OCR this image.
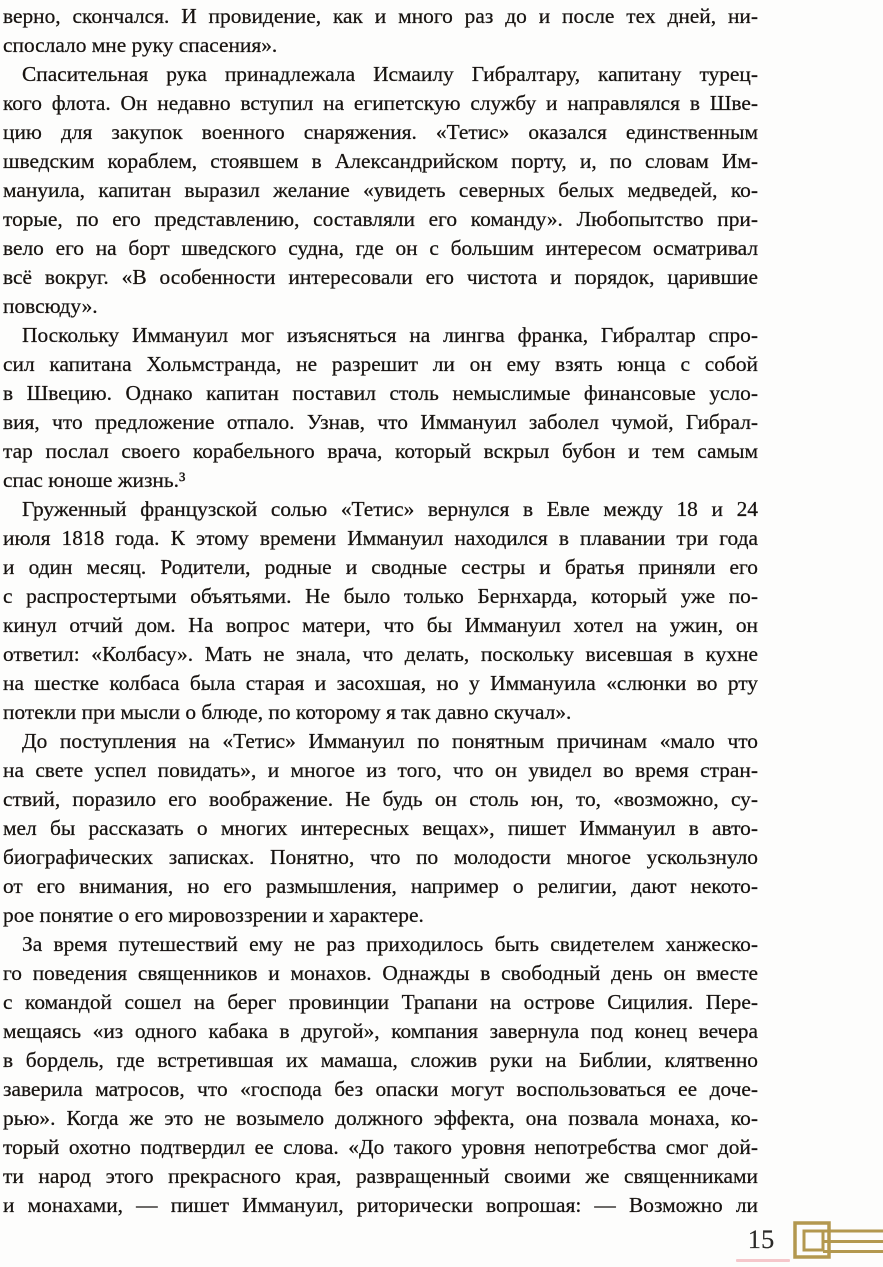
верно, скончался. И провидение, как и много раз до и после тех дней, ни-
спослало мне руку спасения».
Спасительная рука принадлежала Исмаилу Гибралтару, капитану турец-
кого флота. Он недавно вступил на египетскую службу и направлялся в Шве-
цию для закупок военного снаряжения. «Тетис» оказался единственным
шведским кораблем, стоявшем в Александрийском порту, и, по словам Им-
мануила, капитан выразил желание «увидеть северных белых медведей, ко-
торые, по его представлению, составляли его команду». Любопытство при-
вело его на борт шведского судна, где он с большим интересом осматривал
всё вокруг. «В особенности интересовали его чистота и порядок, царившие
повсюду».
Поскольку Иммануил мог изъясняться на лингва франка, Гибралтар спро-
сил капитана Хольмстранда, не разрешит ли он ему взять юнца с собой
в Швецию. Однако капитан поставил столь немыслимые финансовые усло-
вия, что предложение отпало. Узнав, что Иммануил заболел чумой, Гибрал-
тар послал своего корабельного врача, который вскрыл бубон и тем самым
спас юноше жизнь.³
Груженный французской солью «Тетис» вернулся в Евле между 18 и 24
июля 1818 года. К этому времени Иммануил находился в плавании три года
и один месяц. Родители, родные и сводные сестры и братья приняли его
с распростертыми объятьями. Не было только Бернхарда, который уже по-
кинул отчий дом. На вопрос матери, что бы Иммануил хотел на ужин, он
ответил: «Колбасу». Мать не знала, что делать, поскольку висевшая в кухне
на шестке колбаса была старая и засохшая, но у Иммануила «слюнки во рту
потекли при мысли о блюде, по которому я так давно скучал».
До поступления на «Тетис» Иммануил по понятным причинам «мало что
на свете успел повидать», и многое из того, что он увидел во время стран-
ствий, поразило его воображение. Не будь он столь юн, то, «возможно, су-
мел бы рассказать о многих интересных вещах», пишет Иммануил в авто-
биографических записках. Понятно, что по молодости многое ускользнуло
от его внимания, но его размышления, например о религии, дают некото-
рое понятие о его мировоззрении и характере.
За время путешествий ему не раз приходилось быть свидетелем ханжеско-
го поведения священников и монахов. Однажды в свободный день он вместе
с командой сошел на берег провинции Трапани на острове Сицилия. Пере-
мещаясь «из одного кабака в другой», компания завернула под конец вечера
в бордель, где встретившая их мамаша, сложив руки на Библии, клятвенно
заверила матросов, что «господа без опаски могут воспользоваться ее доче-
рью». Когда же это не возымело должного эффекта, она позвала монаха, ко-
торый охотно подтвердил ее слова. «До такого уровня непотребства смог дой-
ти народ этого прекрасного края, развращенный своими же священниками
и монахами, — пишет Иммануил, риторически вопрошая: — Возможно ли
15
